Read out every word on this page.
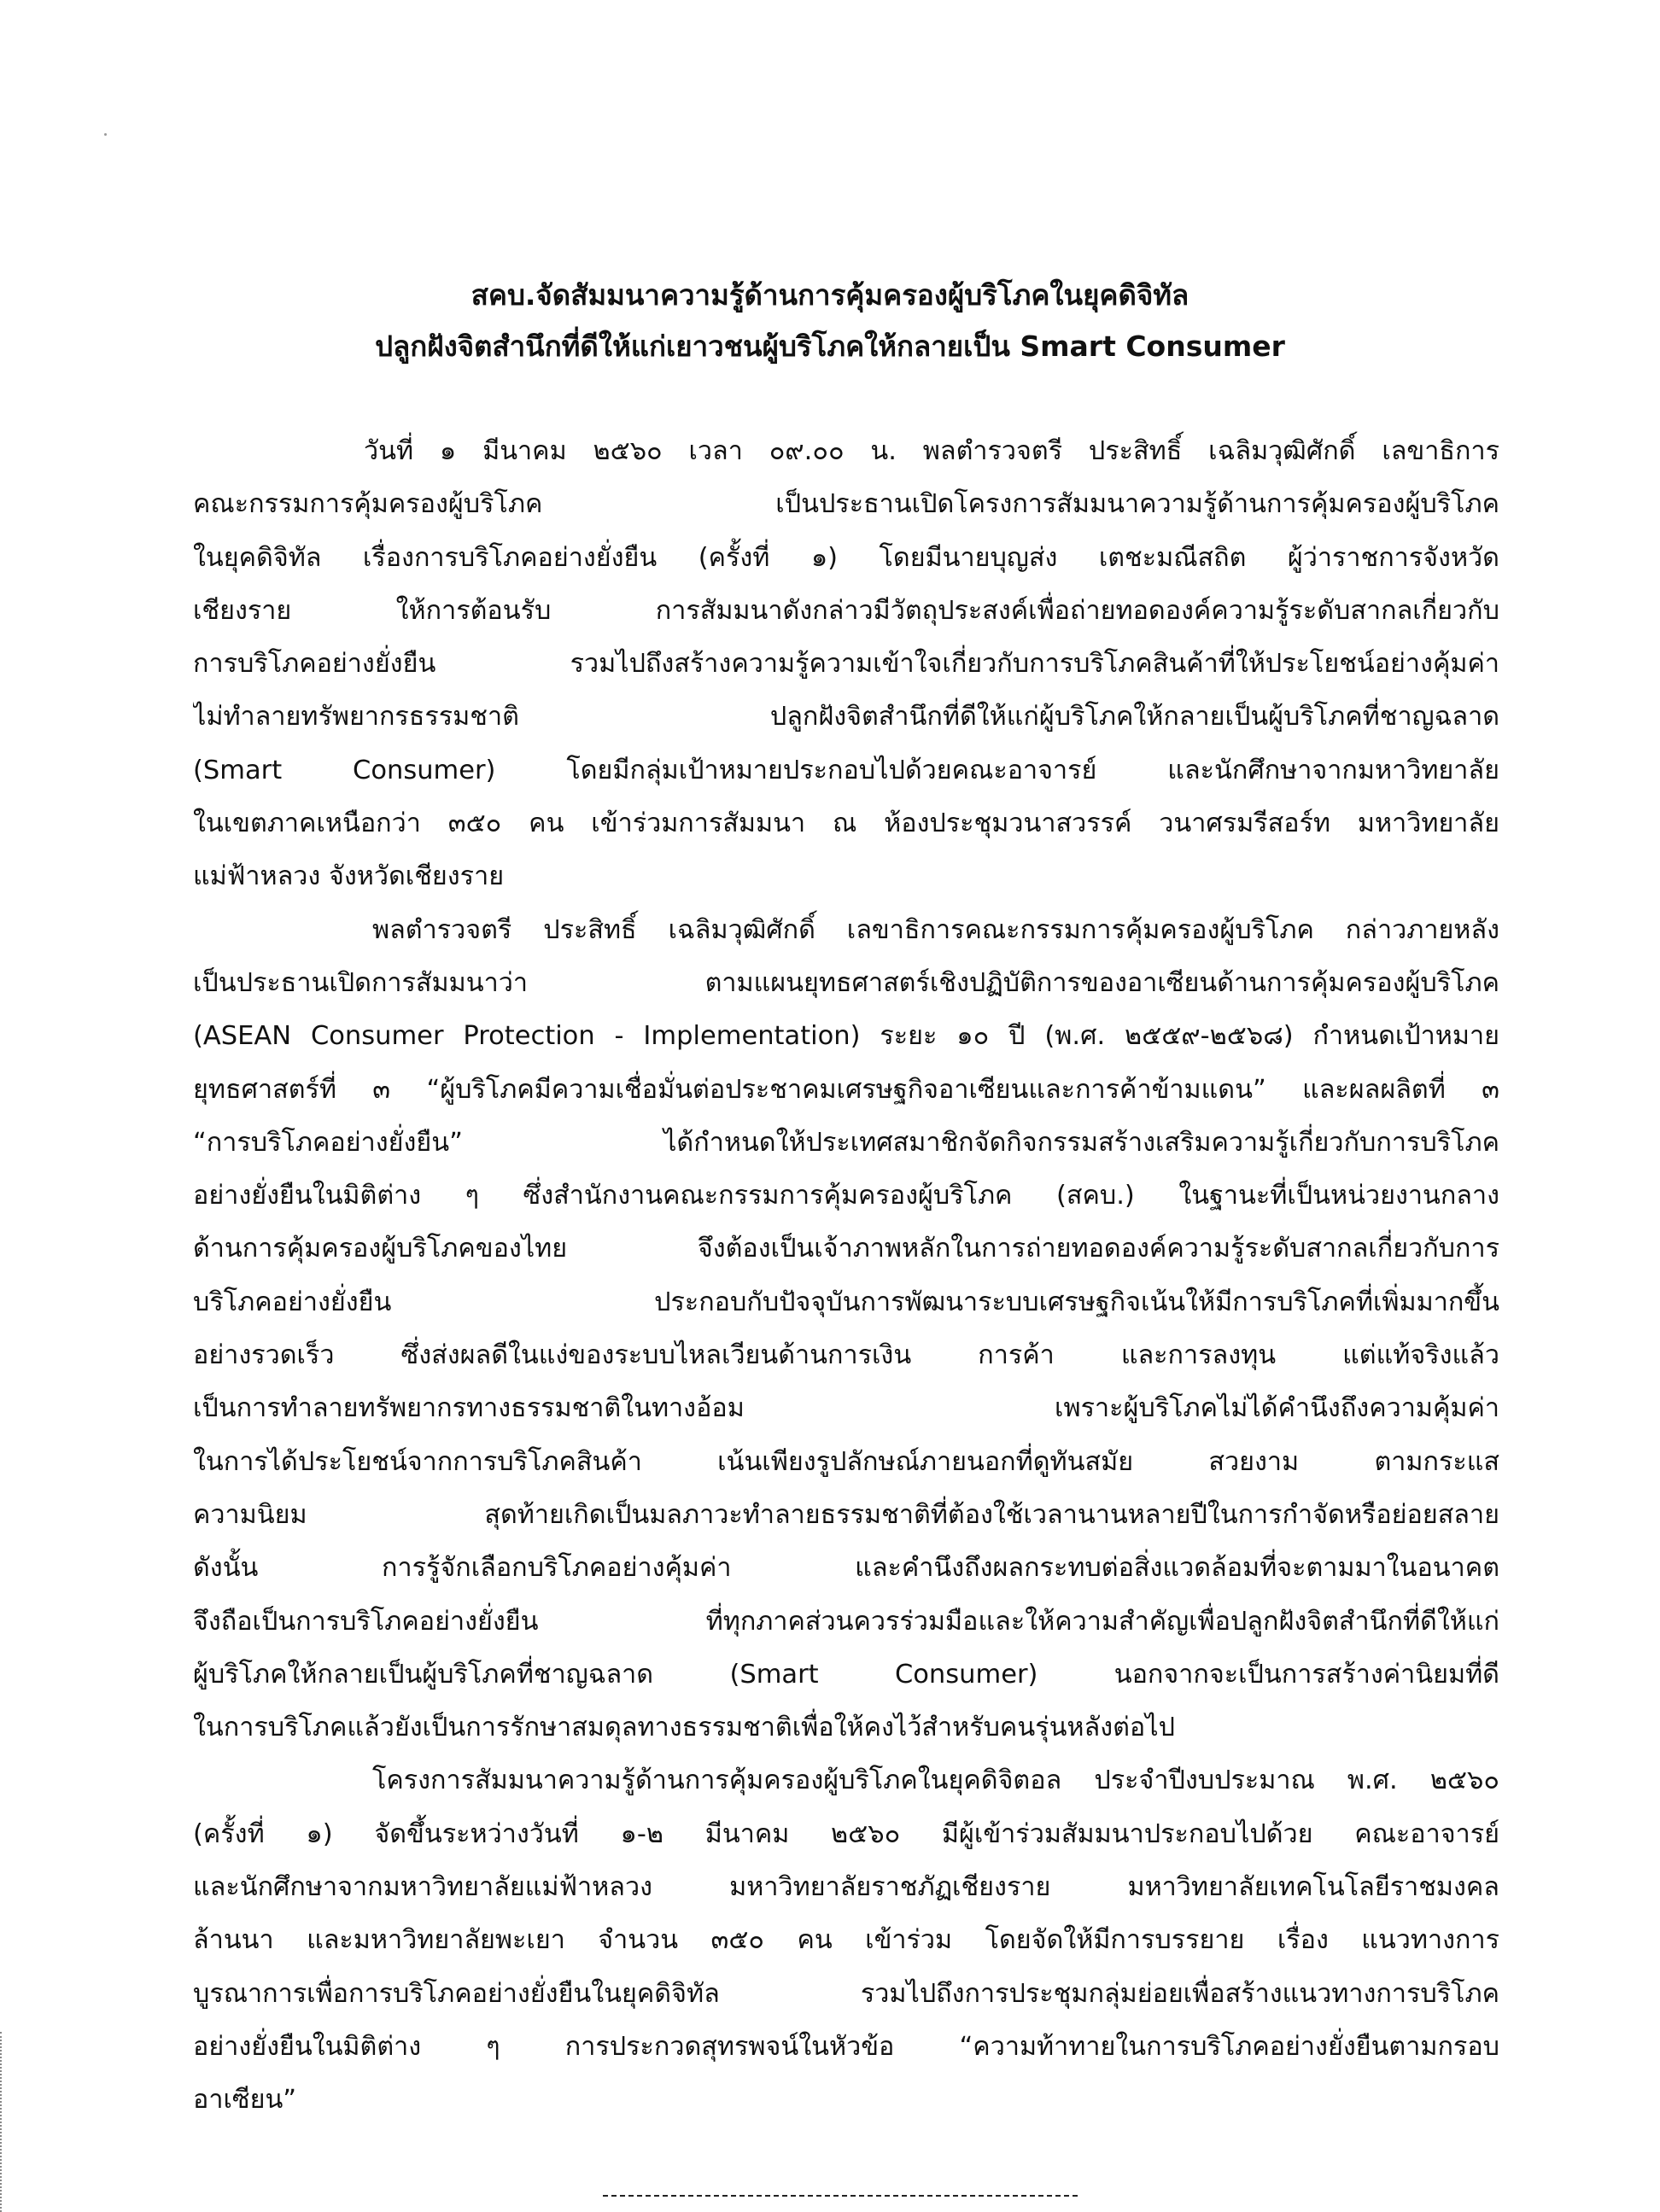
สคบ.จัดสัมมนาความรู้ด้านการคุ้มครองผู้บริโภคในยุคดิจิทัล
ปลูกฝังจิตสำนึกที่ดีให้แก่เยาวชนผู้บริโภคให้กลายเป็น Smart Consumer
วันที่ ๑ มีนาคม ๒๕๖๐ เวลา ๐๙.๐๐ น. พลตำรวจตรี ประสิทธิ์ เฉลิมวุฒิศักดิ์ เลขาธิการ
คณะกรรมการคุ้มครองผู้บริโภค เป็นประธานเปิดโครงการสัมมนาความรู้ด้านการคุ้มครองผู้บริโภค
ในยุคดิจิทัล เรื่องการบริโภคอย่างยั่งยืน (ครั้งที่ ๑) โดยมีนายบุญส่ง เตชะมณีสถิต ผู้ว่าราชการจังหวัด
เชียงราย ให้การต้อนรับ การสัมมนาดังกล่าวมีวัตถุประสงค์เพื่อถ่ายทอดองค์ความรู้ระดับสากลเกี่ยวกับ
การบริโภคอย่างยั่งยืน รวมไปถึงสร้างความรู้ความเข้าใจเกี่ยวกับการบริโภคสินค้าที่ให้ประโยชน์อย่างคุ้มค่า
ไม่ทำลายทรัพยากรธรรมชาติ ปลูกฝังจิตสำนึกที่ดีให้แก่ผู้บริโภคให้กลายเป็นผู้บริโภคที่ชาญฉลาด
(Smart Consumer) โดยมีกลุ่มเป้าหมายประกอบไปด้วยคณะอาจารย์ และนักศึกษาจากมหาวิทยาลัย
ในเขตภาคเหนือกว่า ๓๕๐ คน เข้าร่วมการสัมมนา ณ ห้องประชุมวนาสวรรค์ วนาศรมรีสอร์ท มหาวิทยาลัย
แม่ฟ้าหลวง จังหวัดเชียงราย
พลตำรวจตรี ประสิทธิ์ เฉลิมวุฒิศักดิ์ เลขาธิการคณะกรรมการคุ้มครองผู้บริโภค กล่าวภายหลัง
เป็นประธานเปิดการสัมมนาว่า ตามแผนยุทธศาสตร์เชิงปฏิบัติการของอาเซียนด้านการคุ้มครองผู้บริโภค
(ASEAN Consumer Protection - Implementation) ระยะ ๑๐ ปี (พ.ศ. ๒๕๕๙-๒๕๖๘) กำหนดเป้าหมาย
ยุทธศาสตร์ที่ ๓ “ผู้บริโภคมีความเชื่อมั่นต่อประชาคมเศรษฐกิจอาเซียนและการค้าข้ามแดน” และผลผลิตที่ ๓
“การบริโภคอย่างยั่งยืน” ได้กำหนดให้ประเทศสมาชิกจัดกิจกรรมสร้างเสริมความรู้เกี่ยวกับการบริโภค
อย่างยั่งยืนในมิติต่าง ๆ ซึ่งสำนักงานคณะกรรมการคุ้มครองผู้บริโภค (สคบ.) ในฐานะที่เป็นหน่วยงานกลาง
ด้านการคุ้มครองผู้บริโภคของไทย จึงต้องเป็นเจ้าภาพหลักในการถ่ายทอดองค์ความรู้ระดับสากลเกี่ยวกับการ
บริโภคอย่างยั่งยืน ประกอบกับปัจจุบันการพัฒนาระบบเศรษฐกิจเน้นให้มีการบริโภคที่เพิ่มมากขึ้น
อย่างรวดเร็ว ซึ่งส่งผลดีในแง่ของระบบไหลเวียนด้านการเงิน การค้า และการลงทุน แต่แท้จริงแล้ว
เป็นการทำลายทรัพยากรทางธรรมชาติในทางอ้อม เพราะผู้บริโภคไม่ได้คำนึงถึงความคุ้มค่า
ในการได้ประโยชน์จากการบริโภคสินค้า เน้นเพียงรูปลักษณ์ภายนอกที่ดูทันสมัย สวยงาม ตามกระแส
ความนิยม สุดท้ายเกิดเป็นมลภาวะทำลายธรรมชาติที่ต้องใช้เวลานานหลายปีในการกำจัดหรือย่อยสลาย
ดังนั้น การรู้จักเลือกบริโภคอย่างคุ้มค่า และคำนึงถึงผลกระทบต่อสิ่งแวดล้อมที่จะตามมาในอนาคต
จึงถือเป็นการบริโภคอย่างยั่งยืน ที่ทุกภาคส่วนควรร่วมมือและให้ความสำคัญเพื่อปลูกฝังจิตสำนึกที่ดีให้แก่
ผู้บริโภคให้กลายเป็นผู้บริโภคที่ชาญฉลาด (Smart Consumer) นอกจากจะเป็นการสร้างค่านิยมที่ดี
ในการบริโภคแล้วยังเป็นการรักษาสมดุลทางธรรมชาติเพื่อให้คงไว้สำหรับคนรุ่นหลังต่อไป
โครงการสัมมนาความรู้ด้านการคุ้มครองผู้บริโภคในยุคดิจิตอล ประจำปีงบประมาณ พ.ศ. ๒๕๖๐
(ครั้งที่ ๑) จัดขึ้นระหว่างวันที่ ๑-๒ มีนาคม ๒๕๖๐ มีผู้เข้าร่วมสัมมนาประกอบไปด้วย คณะอาจารย์
และนักศึกษาจากมหาวิทยาลัยแม่ฟ้าหลวง มหาวิทยาลัยราชภัฏเชียงราย มหาวิทยาลัยเทคโนโลยีราชมงคล
ล้านนา และมหาวิทยาลัยพะเยา จำนวน ๓๕๐ คน เข้าร่วม โดยจัดให้มีการบรรยาย เรื่อง แนวทางการ
บูรณาการเพื่อการบริโภคอย่างยั่งยืนในยุคดิจิทัล รวมไปถึงการประชุมกลุ่มย่อยเพื่อสร้างแนวทางการบริโภค
อย่างยั่งยืนในมิติต่าง ๆ การประกวดสุทรพจน์ในหัวข้อ “ความท้าทายในการบริโภคอย่างยั่งยืนตามกรอบ
อาเซียน”
